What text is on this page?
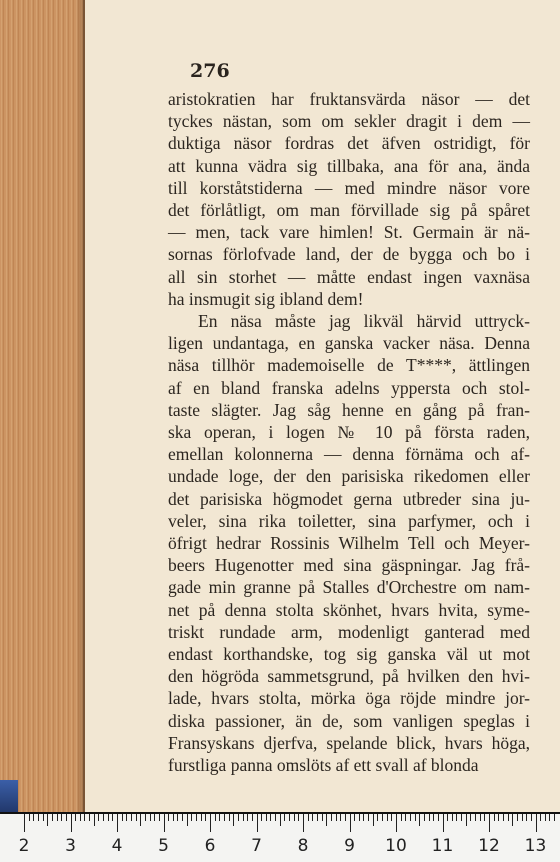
276
aristokratien har fruktansvärda näsor — det
tyckes nästan, som om sekler dragit i dem —
duktiga näsor fordras det äfven ostridigt, för
att kunna vädra sig tillbaka, ana för ana, ända
till korståtstiderna — med mindre näsor vore
det förlåtligt, om man förvillade sig på spåret
— men, tack vare himlen! St. Germain är nä-
sornas förlofvade land, der de bygga och bo i
all sin storhet — måtte endast ingen vaxnäsa
ha insmugit sig ibland dem!
En näsa måste jag likväl härvid uttryck-
ligen undantaga, en ganska vacker näsa. Denna
näsa tillhör mademoiselle de T****, ättlingen
af en bland franska adelns yppersta och stol-
taste slägter. Jag såg henne en gång på fran-
ska operan, i logen № 10 på första raden,
emellan kolonnerna — denna förnäma och af-
undade loge, der den parisiska rikedomen eller
det parisiska högmodet gerna utbreder sina ju-
veler, sina rika toiletter, sina parfymer, och i
öfrigt hedrar Rossinis Wilhelm Tell och Meyer-
beers Hugenotter med sina gäspningar. Jag frå-
gade min granne på Stalles d'Orchestre om nam-
net på denna stolta skönhet, hvars hvita, syme-
triskt rundade arm, modenligt ganterad med
endast korthandske, tog sig ganska väl ut mot
den högröda sammetsgrund, på hvilken den hvi-
lade, hvars stolta, mörka öga röjde mindre jor-
diska passioner, än de, som vanligen speglas i
Fransyskans djerfva, spelande blick, hvars höga,
furstliga panna omslöts af ett svall af blonda
2 3 4 5 6 7 8 9 10 11 12 13
